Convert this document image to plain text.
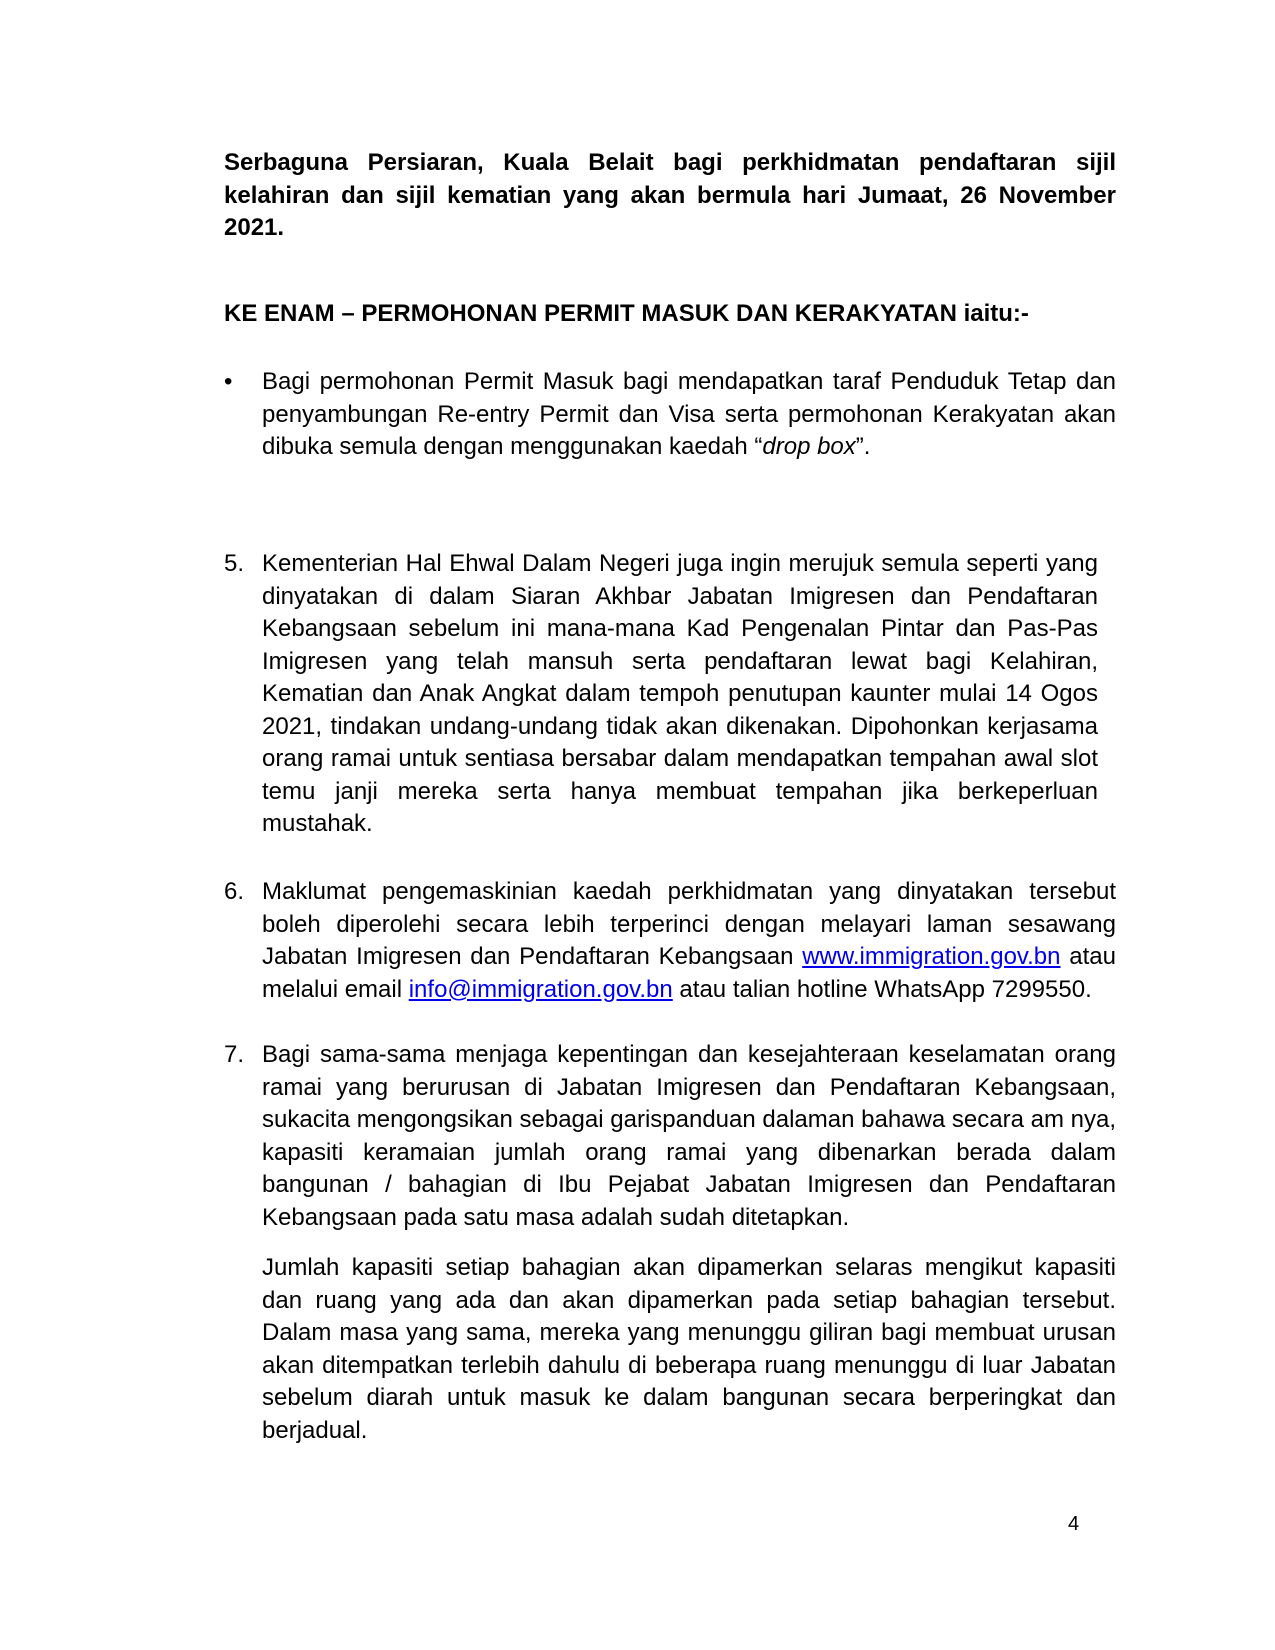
Serbaguna Persiaran, Kuala Belait bagi perkhidmatan pendaftaran sijil kelahiran dan sijil kematian yang akan bermula hari Jumaat, 26 November 2021.
KE ENAM – PERMOHONAN PERMIT MASUK DAN KERAKYATAN iaitu:-
•	Bagi permohonan Permit Masuk bagi mendapatkan taraf Penduduk Tetap dan penyambungan Re-entry Permit dan Visa serta permohonan Kerakyatan akan dibuka semula dengan menggunakan kaedah “drop box”.
5. Kementerian Hal Ehwal Dalam Negeri juga ingin merujuk semula seperti yang dinyatakan di dalam Siaran Akhbar Jabatan Imigresen dan Pendaftaran Kebangsaan sebelum ini mana-mana Kad Pengenalan Pintar dan Pas-Pas Imigresen yang telah mansuh serta pendaftaran lewat bagi Kelahiran, Kematian dan Anak Angkat dalam tempoh penutupan kaunter mulai 14 Ogos 2021, tindakan undang-undang tidak akan dikenakan. Dipohonkan kerjasama orang ramai untuk sentiasa bersabar dalam mendapatkan tempahan awal slot temu janji mereka serta hanya membuat tempahan jika berkeperluan mustahak.
6. Maklumat pengemaskinian kaedah perkhidmatan yang dinyatakan tersebut boleh diperolehi secara lebih terperinci dengan melayari laman sesawang Jabatan Imigresen dan Pendaftaran Kebangsaan www.immigration.gov.bn atau melalui email info@immigration.gov.bn atau talian hotline WhatsApp 7299550.
7. Bagi sama-sama menjaga kepentingan dan kesejahteraan keselamatan orang ramai yang berurusan di Jabatan Imigresen dan Pendaftaran Kebangsaan, sukacita mengongsikan sebagai garispanduan dalaman bahawa secara am nya, kapasiti keramaian jumlah orang ramai yang dibenarkan berada dalam bangunan / bahagian di Ibu Pejabat Jabatan Imigresen dan Pendaftaran Kebangsaan pada satu masa adalah sudah ditetapkan.
Jumlah kapasiti setiap bahagian akan dipamerkan selaras mengikut kapasiti dan ruang yang ada dan akan dipamerkan pada setiap bahagian tersebut. Dalam masa yang sama, mereka yang menunggu giliran bagi membuat urusan akan ditempatkan terlebih dahulu di beberapa ruang menunggu di luar Jabatan sebelum diarah untuk masuk ke dalam bangunan secara berperingkat dan berjadual.
4
